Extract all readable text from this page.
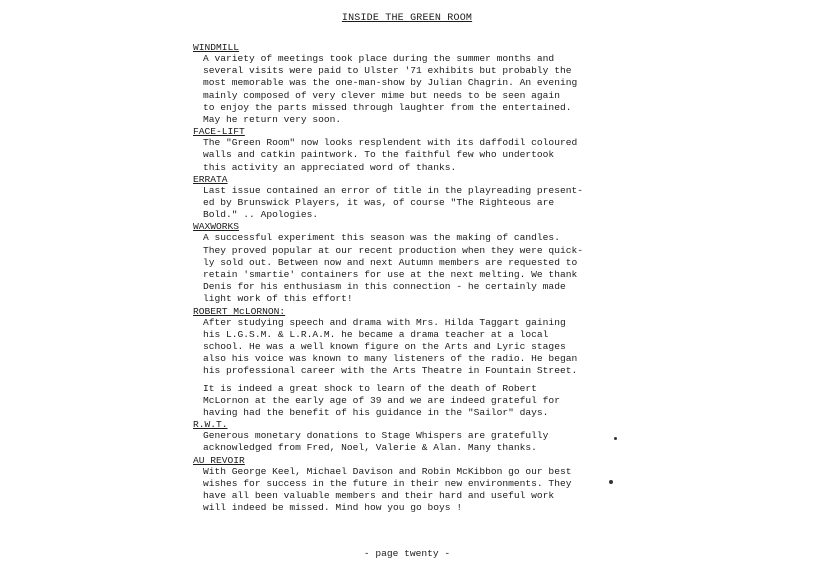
INSIDE THE GREEN ROOM
WINDMILL
A variety of meetings took place during the summer months and
several visits were paid to Ulster '71 exhibits but probably the
most memorable was the one-man-show by Julian Chagrin. An evening
mainly composed of very clever mime but needs to be seen again
to enjoy the parts missed through laughter from the entertained.
May he return very soon.
FACE-LIFT
The "Green Room" now looks resplendent with its daffodil coloured
walls and catkin paintwork. To the faithful few who undertook
this activity an appreciated word of thanks.
ERRATA
Last issue contained an error of title in the playreading present-
ed by Brunswick Players, it was, of course "The Righteous are
Bold." .. Apologies.
WAXWORKS
A successful experiment this season was the making of candles.
They proved popular at our recent production when they were quick-
ly sold out. Between now and next Autumn members are requested to
retain 'smartie' containers for use at the next melting. We thank
Denis for his enthusiasm in this connection - he certainly made
light work of this effort!
ROBERT McLORNON:
After studying speech and drama with Mrs. Hilda Taggart gaining
his L.G.S.M. & L.R.A.M. he became a drama teacher at a local
school. He was a well known figure on the Arts and Lyric stages
also his voice was known to many listeners of the radio. He began
his professional career with the Arts Theatre in Fountain Street.
It is indeed a great shock to learn of the death of Robert
McLornon at the early age of 39 and we are indeed grateful for
having had the benefit of his guidance in the "Sailor" days.
R.W.T.
Generous monetary donations to Stage Whispers are gratefully
acknowledged from Fred, Noel, Valerie & Alan. Many thanks.
AU REVOIR
With George Keel, Michael Davison and Robin McKibbon go our best
wishes for success in the future in their new environments. They
have all been valuable members and their hard and useful work
will indeed be missed. Mind how you go boys !
- page twenty -
